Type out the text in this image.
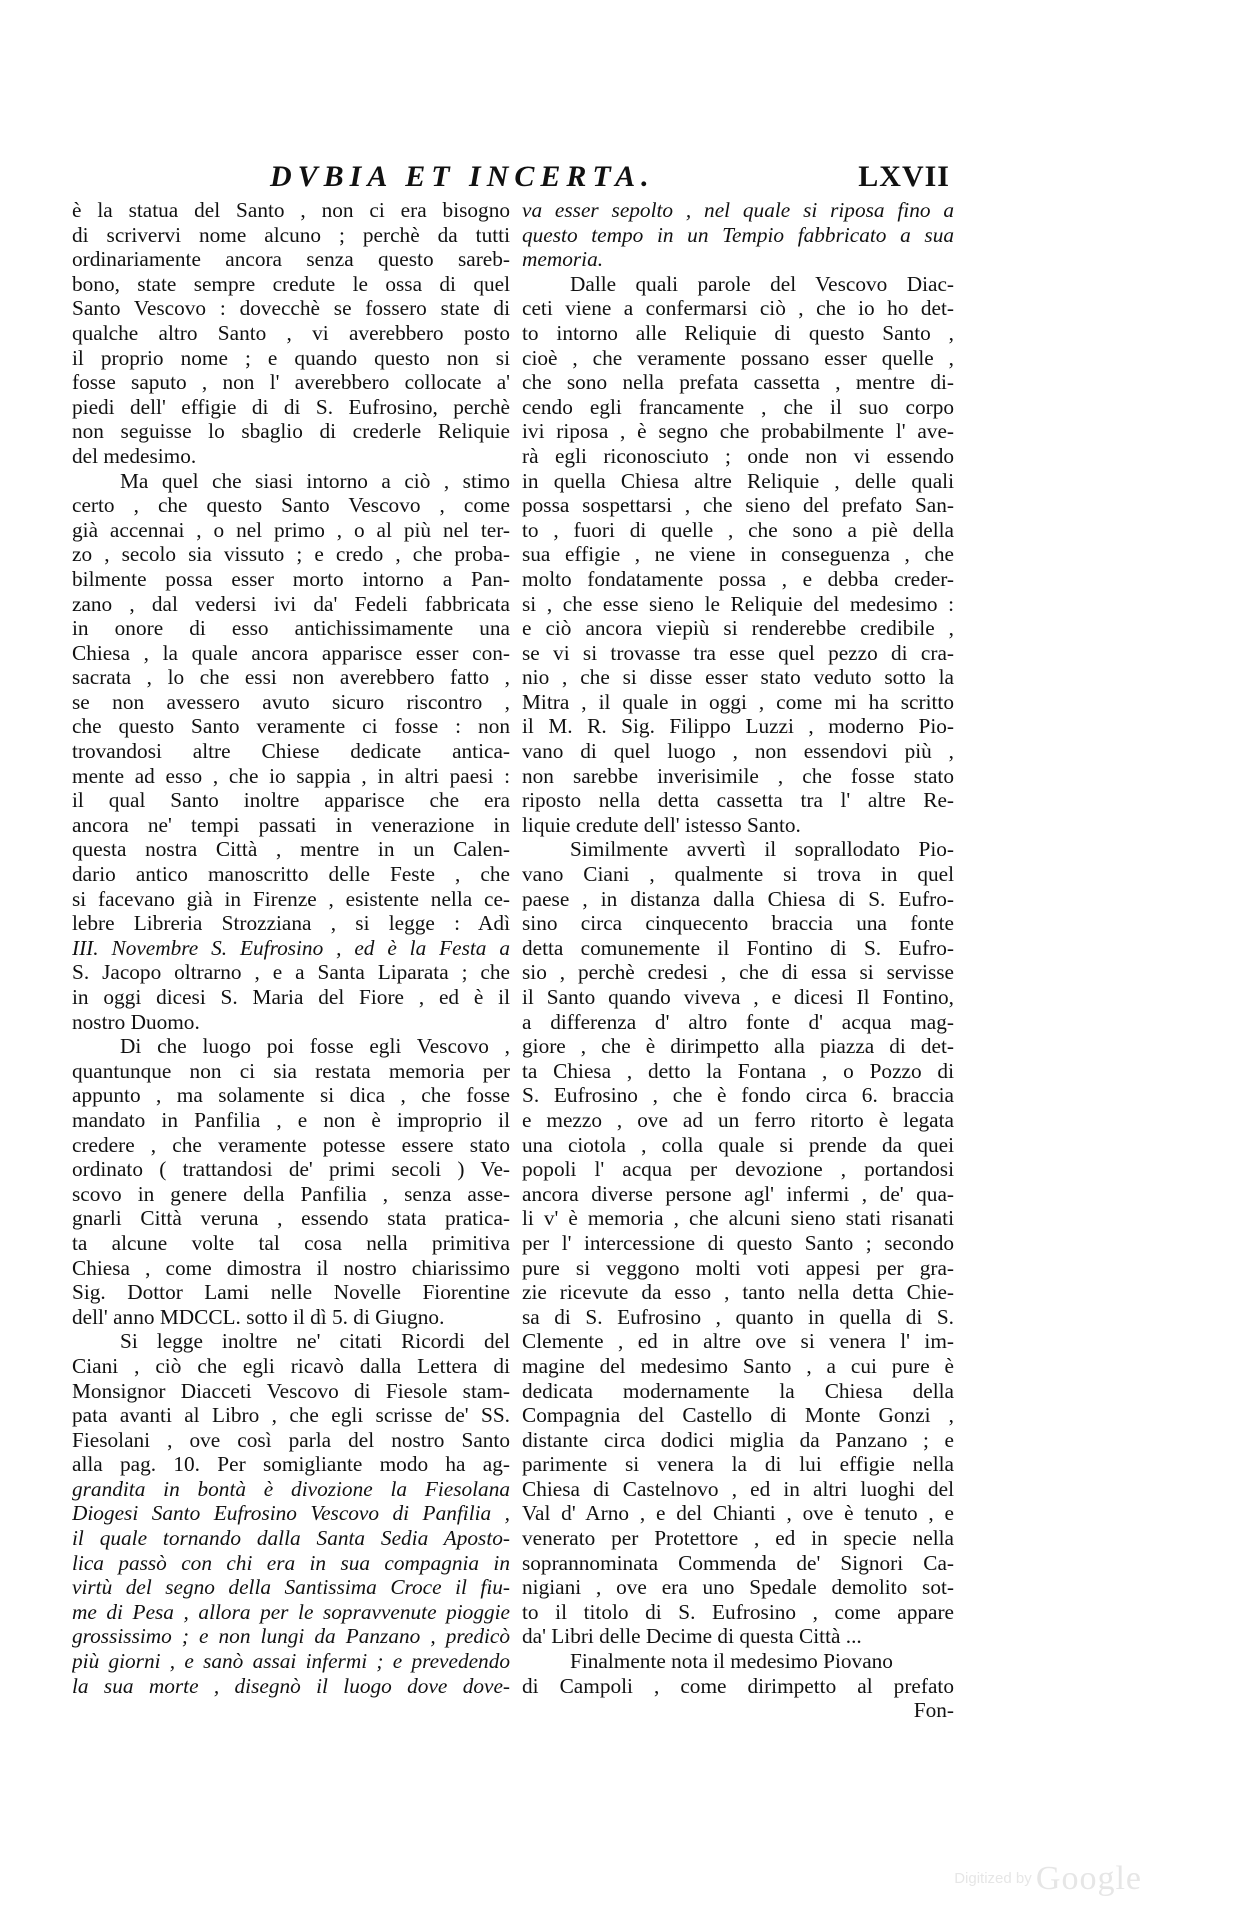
DVBIA ET INCERTA.	LXVII
è la statua del Santo , non ci era bisogno
di scrivervi nome alcuno ; perchè da tutti
ordinariamente ancora senza questo sareb-
bono, state sempre credute le ossa di quel
Santo Vescovo : dovecchè se fossero state di
qualche altro Santo , vi averebbero posto
il proprio nome ; e quando questo non si
fosse saputo , non l' averebbero collocate a'
piedi dell' effigie di di S. Eufrosino, perchè
non seguisse lo sbaglio di crederle Reliquie
del medesimo.
Ma quel che siasi intorno a ciò , stimo
certo , che questo Santo Vescovo , come
già accennai , o nel primo , o al più nel ter-
zo , secolo sia vissuto ; e credo , che proba-
bilmente possa esser morto intorno a Pan-
zano , dal vedersi ivi da' Fedeli fabbricata
in onore di esso antichissimamente una
Chiesa , la quale ancora apparisce esser con-
sacrata , lo che essi non averebbero fatto ,
se non avessero avuto sicuro riscontro ,
che questo Santo veramente ci fosse : non
trovandosi altre Chiese dedicate antica-
mente ad esso , che io sappia , in altri paesi :
il qual Santo inoltre apparisce che era
ancora ne' tempi passati in venerazione in
questa nostra Città , mentre in un Calen-
dario antico manoscritto delle Feste , che
si facevano già in Firenze , esistente nella ce-
lebre Libreria Strozziana , si legge : Adì
III. Novembre S. Eufrosino , ed è la Festa a
S. Jacopo oltrarno , e a Santa Liparata ; che
in oggi dicesi S. Maria del Fiore , ed è il
nostro Duomo.
Di che luogo poi fosse egli Vescovo ,
quantunque non ci sia restata memoria per
appunto , ma solamente si dica , che fosse
mandato in Panfilia , e non è improprio il
credere , che veramente potesse essere stato
ordinato ( trattandosi de' primi secoli ) Ve-
scovo in genere della Panfilia , senza asse-
gnarli Città veruna , essendo stata pratica-
ta alcune volte tal cosa nella primitiva
Chiesa , come dimostra il nostro chiarissimo
Sig. Dottor Lami nelle Novelle Fiorentine
dell' anno MDCCL. sotto il dì 5. di Giugno.
Si legge inoltre ne' citati Ricordi del
Ciani , ciò che egli ricavò dalla Lettera di
Monsignor Diacceti Vescovo di Fiesole stam-
pata avanti al Libro , che egli scrisse de' SS.
Fiesolani , ove così parla del nostro Santo
alla pag. 10. Per somigliante modo ha ag-
grandita in bontà è divozione la Fiesolana
Diogesi Santo Eufrosino Vescovo di Panfilia ,
il quale tornando dalla Santa Sedia Aposto-
lica passò con chi era in sua compagnia in
virtù del segno della Santissima Croce il fiu-
me di Pesa , allora per le sopravvenute pioggie
grossissimo ; e non lungi da Panzano , predicò
più giorni , e sanò assai infermi ; e prevedendo
la sua morte , disegnò il luogo dove dove-
va esser sepolto , nel quale si riposa fino a
questo tempo in un Tempio fabbricato a sua
memoria.
Dalle quali parole del Vescovo Diac-
ceti viene a confermarsi ciò , che io ho det-
to intorno alle Reliquie di questo Santo ,
cioè , che veramente possano esser quelle ,
che sono nella prefata cassetta , mentre di-
cendo egli francamente , che il suo corpo
ivi riposa , è segno che probabilmente l' ave-
rà egli riconosciuto ; onde non vi essendo
in quella Chiesa altre Reliquie , delle quali
possa sospettarsi , che sieno del prefato San-
to , fuori di quelle , che sono a piè della
sua effigie , ne viene in conseguenza , che
molto fondatamente possa , e debba creder-
si , che esse sieno le Reliquie del medesimo :
e ciò ancora viepiù si renderebbe credibile ,
se vi si trovasse tra esse quel pezzo di cra-
nio , che si disse esser stato veduto sotto la
Mitra , il quale in oggi , come mi ha scritto
il M. R. Sig. Filippo Luzzi , moderno Pio-
vano di quel luogo , non essendovi più ,
non sarebbe inverisimile , che fosse stato
riposto nella detta cassetta tra l' altre Re-
liquie credute dell' istesso Santo.
Similmente avvertì il soprallodato Pio-
vano Ciani , qualmente si trova in quel
paese , in distanza dalla Chiesa di S. Eufro-
sino circa cinquecento braccia una fonte
detta comunemente il Fontino di S. Eufro-
sio , perchè credesi , che di essa si servisse
il Santo quando viveva , e dicesi Il Fontino,
a differenza d' altro fonte d' acqua mag-
giore , che è dirimpetto alla piazza di det-
ta Chiesa , detto la Fontana , o Pozzo di
S. Eufrosino , che è fondo circa 6. braccia
e mezzo , ove ad un ferro ritorto è legata
una ciotola , colla quale si prende da quei
popoli l' acqua per devozione , portandosi
ancora diverse persone agl' infermi , de' qua-
li v' è memoria , che alcuni sieno stati risanati
per l' intercessione di questo Santo ; secondo
pure si veggono molti voti appesi per gra-
zie ricevute da esso , tanto nella detta Chie-
sa di S. Eufrosino , quanto in quella di S.
Clemente , ed in altre ove si venera l' im-
magine del medesimo Santo , a cui pure è
dedicata modernamente la Chiesa della
Compagnia del Castello di Monte Gonzi ,
distante circa dodici miglia da Panzano ; e
parimente si venera la di lui effigie nella
Chiesa di Castelnovo , ed in altri luoghi del
Val d' Arno , e del Chianti , ove è tenuto , e
venerato per Protettore , ed in specie nella
soprannominata Commenda de' Signori Ca-
nigiani , ove era uno Spedale demolito sot-
to il titolo di S. Eufrosino , come appare
da' Libri delle Decime di questa Città ...
Finalmente nota il medesimo Piovano
di Campoli , come dirimpetto al prefato
Fon-
Digitized by Google
